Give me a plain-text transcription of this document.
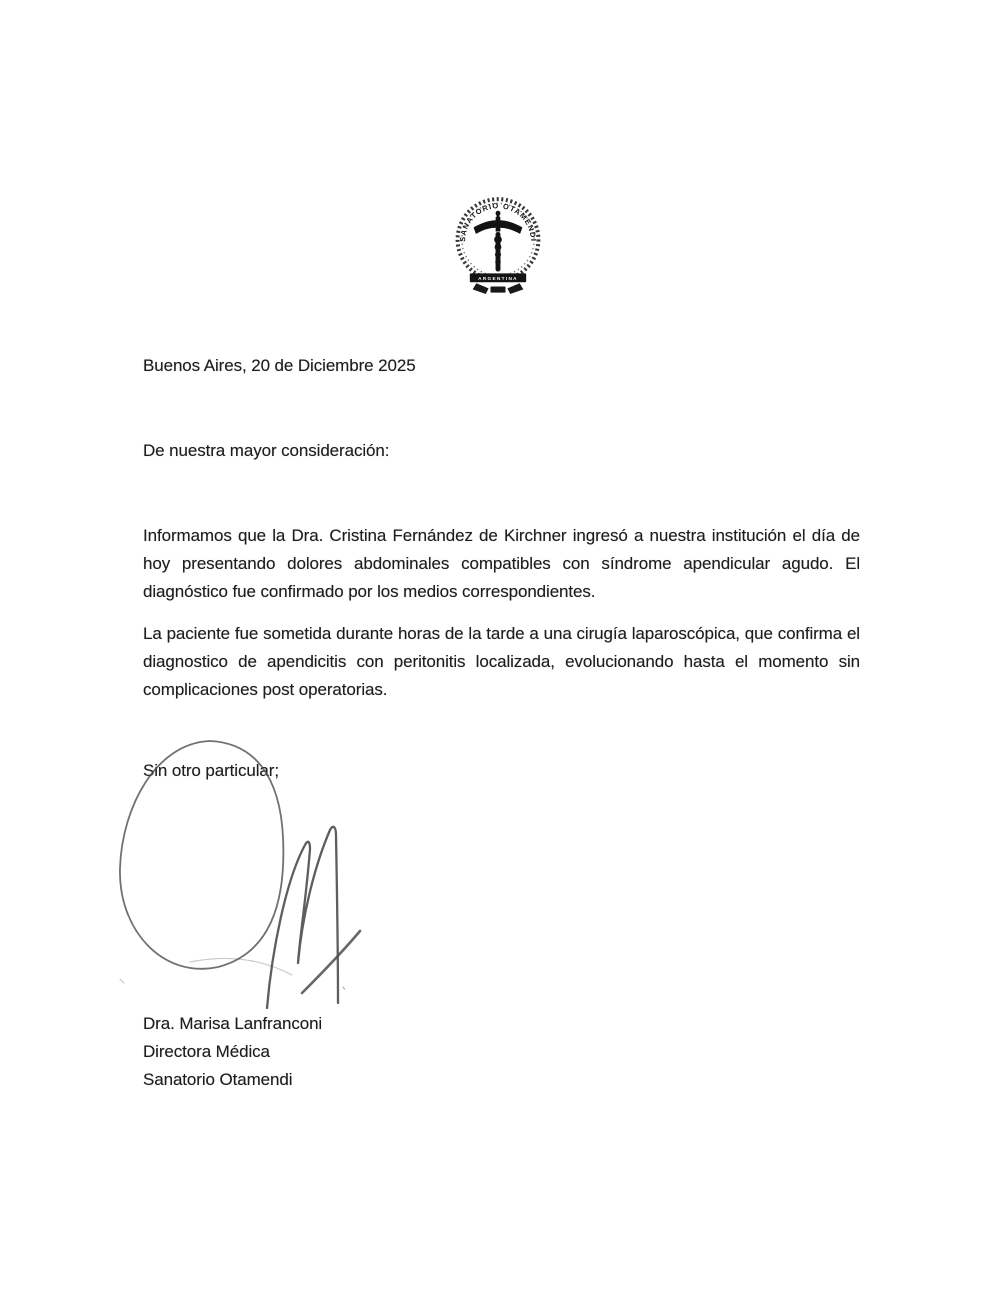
SANATORIO OTAMENDI
ARGENTINA
Buenos Aires, 20 de Diciembre 2025
De nuestra mayor consideración:
Informamos que la Dra. Cristina Fernández de Kirchner ingresó a nuestra institución el día de
hoy presentando dolores abdominales compatibles con síndrome apendicular agudo. El
diagnóstico fue confirmado por los medios correspondientes.
La paciente fue sometida durante horas de la tarde a una cirugía laparoscópica, que confirma el
diagnostico de apendicitis con peritonitis localizada, evolucionando hasta el momento sin
complicaciones post operatorias.
Sin otro particular;
Dra. Marisa Lanfranconi
Directora Médica
Sanatorio Otamendi
